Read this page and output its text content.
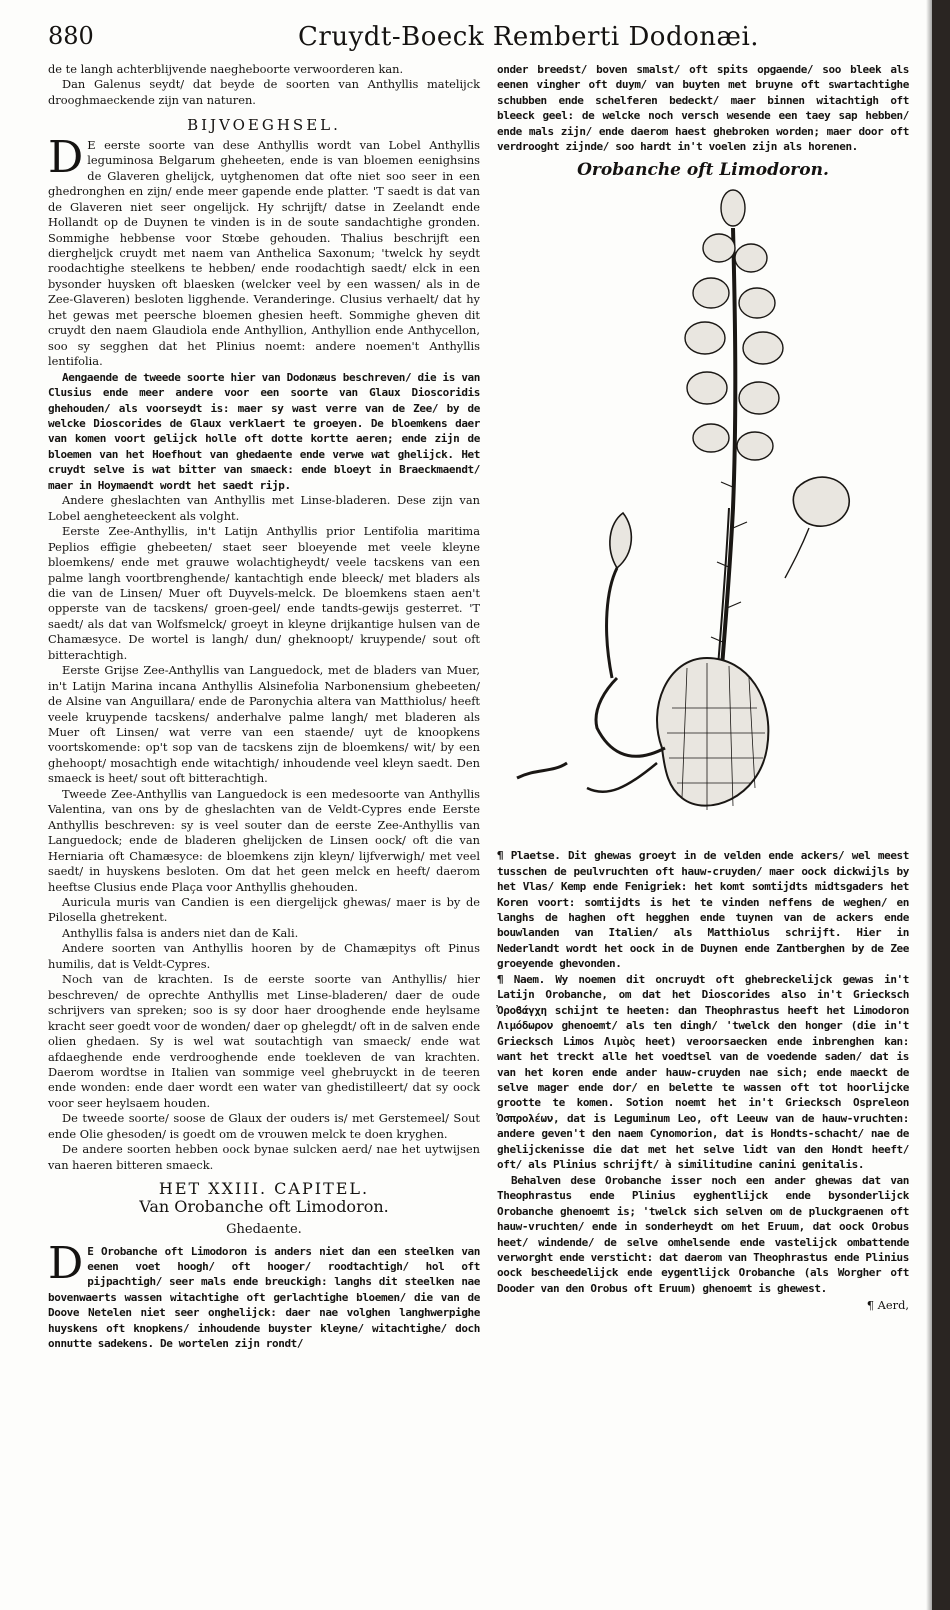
880	Cruydt-Boeck Remberti Dodonæi.

de te langh achterblijvende naegheboorte verwoorderen kan.

Dan Galenus seydt/ dat beyde de soorten van Anthyllis matelijck drooghmaeckende zijn van naturen.

BIJVOEGHSEL.

D E eerste soorte van dese Anthyllis wordt van Lobel Anthyllis leguminosa Belgarum gheheeten, ende is van bloemen eenighsins de Glaveren ghelijck, uytghenomen dat ofte niet soo seer in een ghedronghen en zijn/ ende meer gapende ende platter. 'T saedt is dat van de Glaveren niet seer ongelijck. Hy schrijft/ datse in Zeelandt ende Hollandt op de Duynen te vinden is in de soute sandachtighe gronden. Sommighe hebbense voor Stœbe gehouden. Thalius beschrijft een diergheljck cruydt met naem van Anthelica Saxonum; 'twelck hy seydt roodachtighe steelkens te hebben/ ende roodachtigh saedt/ elck in een bysonder huysken oft blaesken (welcker veel by een wassen/ als in de Zee-Glaveren) besloten ligghende. Veranderinge. Clusius verhaelt/ dat hy het gewas met peersche bloemen ghesien heeft. Sommighe gheven dit cruydt den naem Glaudiola ende Anthyllion, Anthyllion ende Anthycellon, soo sy segghen dat het Plinius noemt: andere noemen't Anthyllis lentifolia.

Aengaende de tweede soorte hier van Dodonæus beschreven/ die is van Clusius ende meer andere voor een soorte van Glaux Dioscoridis ghehouden/ als voorseydt is: maer sy wast verre van de Zee/ by de welcke Dioscorides de Glaux verklaert te groeyen. De bloemkens daer van komen voort gelijck holle oft dotte kortte aeren; ende zijn de bloemen van het Hoefhout van ghedaente ende verwe wat ghelijck. Het cruydt selve is wat bitter van smaeck: ende bloeyt in Braeckmaendt/ maer in Hoymaendt wordt het saedt rijp.

Andere gheslachten van Anthyllis met Linse-bladeren. Dese zijn van Lobel aengheteeckent als volght.

Eerste Zee-Anthyllis, in't Latijn Anthyllis prior Lentifolia maritima Peplios effigie ghebeeten/ staet seer bloeyende met veele kleyne bloemkens/ ende met grauwe wolachtigheydt/ veele tacskens van een palme langh voortbrenghende/ kantachtigh ende bleeck/ met bladers als die van de Linsen/ Muer oft Duyvels-melck. De bloemkens staen aen't opperste van de tacskens/ groen-geel/ ende tandts-gewijs gesterret. 'T saedt/ als dat van Wolfsmelck/ groeyt in kleyne drijkantige hulsen van de Chamæsyce. De wortel is langh/ dun/ gheknoopt/ kruypende/ sout oft bitterachtigh.

Eerste Grijse Zee-Anthyllis van Languedock, met de bladers van Muer, in't Latijn Marina incana Anthyllis Alsinefolia Narbonensium ghebeeten/ de Alsine van Anguillara/ ende de Paronychia altera van Matthiolus/ heeft veele kruypende tacskens/ anderhalve palme langh/ met bladeren als Muer oft Linsen/ wat verre van een staende/ uyt de knoopkens voortskomende: op't sop van de tacskens zijn de bloemkens/ wit/ by een ghehoopt/ mosachtigh ende witachtigh/ inhoudende veel kleyn saedt. Den smaeck is heet/ sout oft bitterachtigh.

Tweede Zee-Anthyllis van Languedock is een medesoorte van Anthyllis Valentina, van ons by de gheslachten van de Veldt-Cypres ende Eerste Anthyllis beschreven: sy is veel souter dan de eerste Zee-Anthyllis van Languedock; ende de bladeren ghelijcken de Linsen oock/ oft die van Herniaria oft Chamæsyce: de bloemkens zijn kleyn/ lijfverwigh/ met veel saedt/ in huyskens besloten. Om dat het geen melck en heeft/ daerom heeftse Clusius ende Plaça voor Anthyllis ghehouden.

Auricula muris van Candien is een diergelijck ghewas/ maer is by de Pilosella ghetrekent.

Anthyllis falsa is anders niet dan de Kali.

Andere soorten van Anthyllis hooren by de Chamæpitys oft Pinus humilis, dat is Veldt-Cypres.

Noch van de krachten. Is de eerste soorte van Anthyllis/ hier beschreven/ de oprechte Anthyllis met Linse-bladeren/ daer de oude schrijvers van spreken; soo is sy door haer drooghende ende heylsame kracht seer goedt voor de wonden/ daer op ghelegdt/ oft in de salven ende olien ghedaen. Sy is wel wat soutachtigh van smaeck/ ende wat afdaeghende ende verdrooghende ende toekleven de van krachten. Daerom wordtse in Italien van sommige veel ghebruyckt in de teeren ende wonden: ende daer wordt een water van ghedistilleert/ dat sy oock voor seer heylsaem houden.

De tweede soorte/ soose de Glaux der ouders is/ met Gerstemeel/ Sout ende Olie ghesoden/ is goedt om de vrouwen melck te doen kryghen.

De andere soorten hebben oock bynae sulcken aerd/ nae het uytwijsen van haeren bitteren smaeck.

HET XXIII. CAPITEL.

Van Orobanche oft Limodoron.

Ghedaente.

D E Orobanche oft Limodoron is anders niet dan een steelken van eenen voet hoogh/ oft hooger/ roodtachtigh/ hol oft pijpachtigh/ seer mals ende breuckigh: langhs dit steelken nae bovenwaerts wassen witachtighe oft gerlachtighe bloemen/ die van de Doove Netelen niet seer onghelijck: daer nae volghen langhwerpighe huyskens oft knopkens/ inhoudende buyster kleyne/ witachtighe/ doch onnutte sadekens. De wortelen zijn rondt/

onder breedst/ boven smalst/ oft spits opgaende/ soo bleek als eenen vingher oft duym/ van buyten met bruyne oft swartachtighe schubben ende schelferen bedeckt/ maer binnen witachtigh oft bleeck geel: de welcke noch versch wesende een taey sap hebben/ ende mals zijn/ ende daerom haest ghebroken worden; maer door oft verdrooght zijnde/ soo hardt in't voelen zijn als horenen.

Orobanche oft Limodoron.

¶ Plaetse. Dit ghewas groeyt in de velden ende ackers/ wel meest tusschen de peulvruchten oft hauw-cruyden/ maer oock dickwijls by het Vlas/ Kemp ende Fenigriek: het komt somtijdts midtsgaders het Koren voort: somtijdts is het te vinden neffens de weghen/ en langhs de haghen oft hegghen ende tuynen van de ackers ende bouwlanden van Italien/ als Matthiolus schrijft. Hier in Nederlandt wordt het oock in de Duynen ende Zantberghen by de Zee groeyende ghevonden.

¶ Naem. Wy noemen dit oncruydt oft ghebreckelijck gewas in't Latijn Orobanche, om dat het Dioscorides also in't Griecksch Ὀροϐάγχη schijnt te heeten: dan Theophrastus heeft het Limodoron Λιμόδωρον ghenoemt/ als ten dingh/ 'twelck den honger (die in't Griecksch Limos Λιμὸς heet) veroorsaecken ende inbrenghen kan: want het treckt alle het voedtsel van de voedende saden/ dat is van het koren ende ander hauw-cruyden nae sich; ende maeckt de selve mager ende dor/ en belette te wassen oft tot hoorlijcke grootte te komen. Sotion noemt het in't Griecksch Ospreleon Ὀσπρολέων, dat is Leguminum Leo, oft Leeuw van de hauw-vruchten: andere geven't den naem Cynomorion, dat is Hondts-schacht/ nae de ghelijckenisse die dat met het selve lidt van den Hondt heeft/ oft/ als Plinius schrijft/ à similitudine canini genitalis.

Behalven dese Orobanche isser noch een ander ghewas dat van Theophrastus ende Plinius eyghentlijck ende bysonderlijck Orobanche ghenoemt is; 'twelck sich selven om de pluckgraenen oft hauw-vruchten/ ende in sonderheydt om het Eruum, dat oock Orobus heet/ windende/ de selve omhelsende ende vastelijck ombattende verworght ende versticht: dat daerom van Theophrastus ende Plinius oock bescheedelijck ende eygentlijck Orobanche (als Worgher oft Dooder van den Orobus oft Eruum) ghenoemt is ghewest.

¶ Aerd,
